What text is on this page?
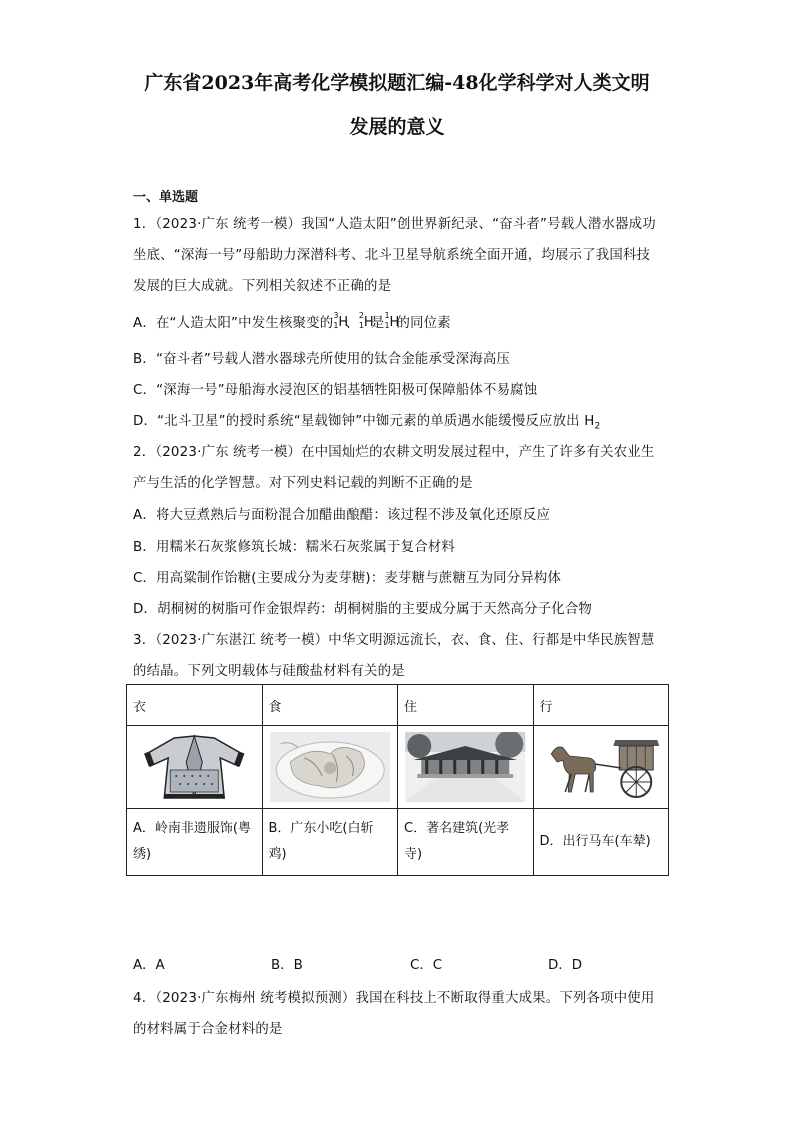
广东省2023年高考化学模拟题汇编-48化学科学对人类文明
发展的意义
一、单选题
1．（2023·广东 统考一模）我国“人造太阳”创世界新纪录、“奋斗者”号载人潜水器成功
坐底、“深海一号”母船助力深潜科考、北斗卫星导航系统全面开通，均展示了我国科技
发展的巨大成就。下列相关叙述不正确的是
A．在“人造太阳”中发生核聚变的
3
1 H
、
2
1 H
是
1
1 H
的同位素
B．“奋斗者”号载人潜水器球壳所使用的钛合金能承受深海高压
C．“深海一号”母船海水浸泡区的铝基牺牲阳极可保障船体不易腐蚀
D．“北斗卫星”的授时系统“星载铷钟”中铷元素的单质遇水能缓慢反应放出 $H_2$
2．（2023·广东 统考一模）在中国灿烂的农耕文明发展过程中，产生了许多有关农业生
产与生活的化学智慧。对下列史料记载的判断不正确的是
A．将大豆煮熟后与面粉混合加醋曲酿醋：该过程不涉及氧化还原反应
B．用糯米石灰浆修筑长城：糯米石灰浆属于复合材料
C．用高粱制作饴糖(主要成分为麦芽糖)：麦芽糖与蔗糖互为同分异构体
D．胡桐树的树脂可作金银焊药：胡桐树脂的主要成分属于天然高分子化合物
3．（2023·广东湛江 统考一模）中华文明源远流长，衣、食、住、行都是中华民族智慧
的结晶。下列文明载体与硅酸盐材料有关的是
衣	食	住	行

A．岭南非遗服饰(粤绣)	B．广东小吃(白斩鸡)	C．著名建筑(光孝寺)	D．出行马车(车辇)
A．A	B．B	C．C	D．D
4．（2023·广东梅州 统考模拟预测）我国在科技上不断取得重大成果。下列各项中使用
的材料属于合金材料的是
